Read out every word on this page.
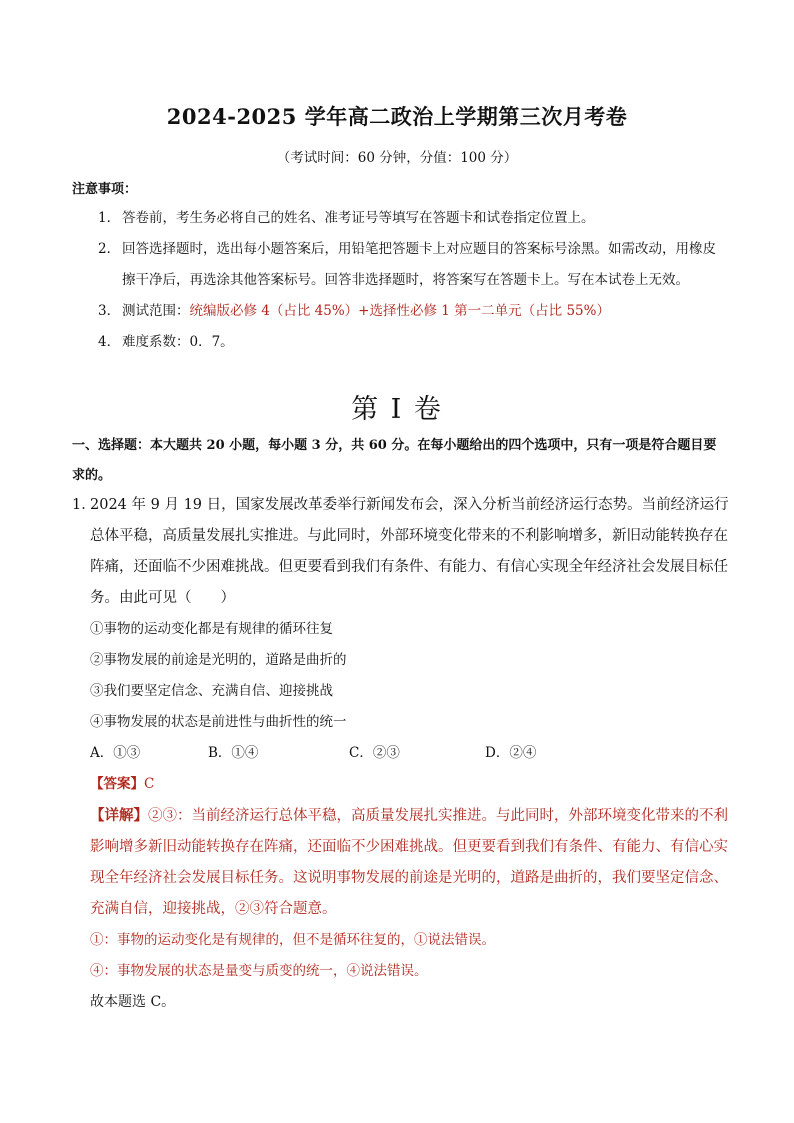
2024-2025 学年高二政治上学期第三次月考卷
（考试时间：60 分钟，分值：100 分）
注意事项：
1． 答卷前，考生务必将自己的姓名、准考证号等填写在答题卡和试卷指定位置上。
2． 回答选择题时，选出每小题答案后，用铅笔把答题卡上对应题目的答案标号涂黑。如需改动，用橡皮擦干净后，再选涂其他答案标号。回答非选择题时，将答案写在答题卡上。写在本试卷上无效。
3． 测试范围：统编版必修 4（占比 45%）+选择性必修 1 第一二单元（占比 55%）
4． 难度系数：0．7。
第 I 卷
一、选择题：本大题共 20 小题，每小题 3 分，共 60 分。在每小题给出的四个选项中，只有一项是符合题目要求的。
1．
2024 年 9 月 19 日，国家发展改革委举行新闻发布会，深入分析当前经济运行态势。当前经济运行总体平稳，高质量发展扎实推进。与此同时，外部环境变化带来的不利影响增多，新旧动能转换存在阵痛，还面临不少困难挑战。但更要看到我们有条件、有能力、有信心实现全年经济社会发展目标任务。由此可见（　　）
①事物的运动变化都是有规律的循环往复
②事物发展的前途是光明的，道路是曲折的
③我们要坚定信念、充满自信、迎接挑战
④事物发展的状态是前进性与曲折性的统一
A．①③	B．①④	C．②③	D．②④
【答案】C
【详解】②③：当前经济运行总体平稳，高质量发展扎实推进。与此同时，外部环境变化带来的不利影响增多新旧动能转换存在阵痛，还面临不少困难挑战。但更要看到我们有条件、有能力、有信心实现全年经济社会发展目标任务。这说明事物发展的前途是光明的，道路是曲折的，我们要坚定信念、充满自信，迎接挑战，②③符合题意。
①：事物的运动变化是有规律的，但不是循环往复的，①说法错误。
④：事物发展的状态是量变与质变的统一，④说法错误。
故本题选 C。
